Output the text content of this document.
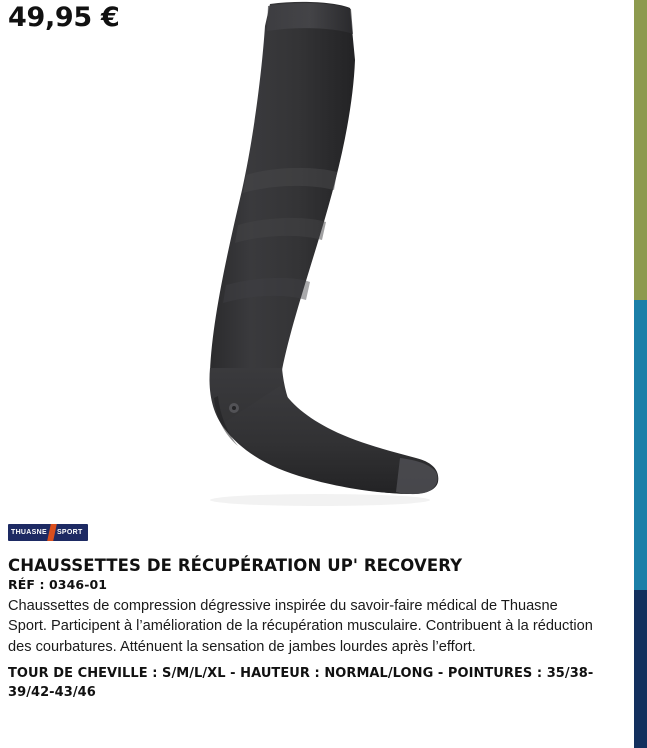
49,95 €
THUASNE SPORT
CHAUSSETTES DE RÉCUPÉRATION UP' RECOVERY
RÉF : 0346-01

Chaussettes de compression dégressive inspirée du savoir-faire médical de Thuasne Sport. Participent à l’amélioration de la récupération musculaire. Contribuent à la réduction des courbatures. Atténuent la sensation de jambes lourdes après l’effort.

TOUR DE CHEVILLE : S/M/L/XL - HAUTEUR : NORMAL/LONG - POINTURES : 35/38-39/42-43/46
